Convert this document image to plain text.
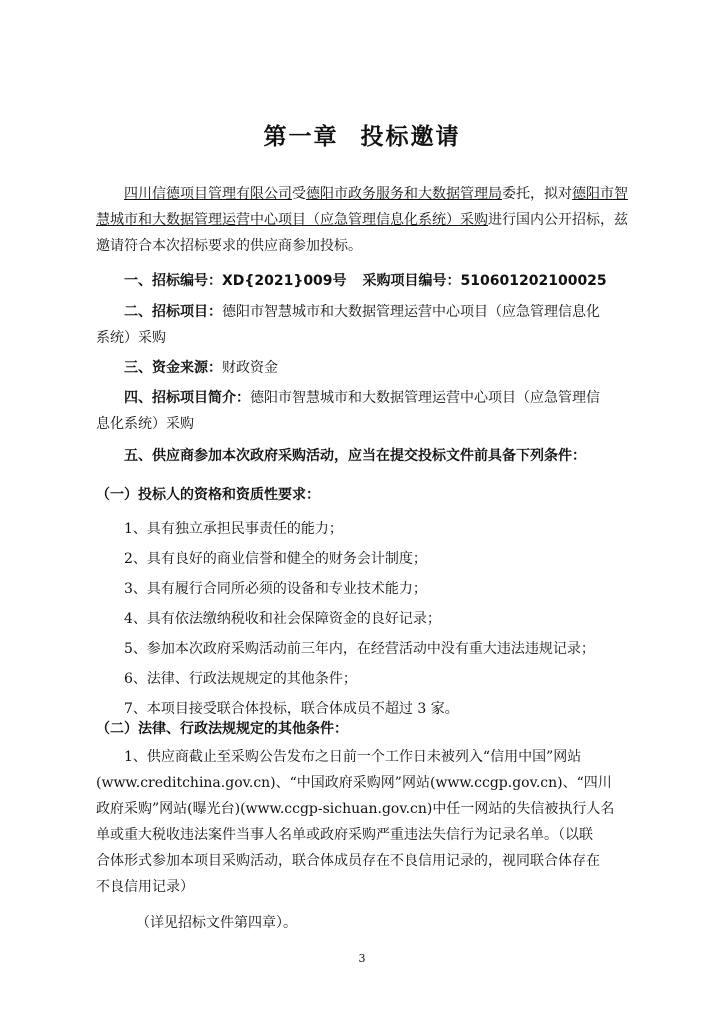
第一章 投标邀请
四川信德项目管理有限公司受德阳市政务服务和大数据管理局委托，拟对德阳市智慧城市和大数据管理运营中心项目（应急管理信息化系统）采购进行国内公开招标，兹邀请符合本次招标要求的供应商参加投标。
一、招标编号：XD{2021}009号 采购项目编号：510601202100025
二、招标项目：德阳市智慧城市和大数据管理运营中心项目（应急管理信息化
系统）采购
三、资金来源：财政资金
四、招标项目简介：德阳市智慧城市和大数据管理运营中心项目（应急管理信
息化系统）采购
五、供应商参加本次政府采购活动，应当在提交投标文件前具备下列条件：
（一）投标人的资格和资质性要求：
1、具有独立承担民事责任的能力；
2、具有良好的商业信誉和健全的财务会计制度；
3、具有履行合同所必须的设备和专业技术能力；
4、具有依法缴纳税收和社会保障资金的良好记录；
5、参加本次政府采购活动前三年内，在经营活动中没有重大违法违规记录；
6、法律、行政法规规定的其他条件；
7、本项目接受联合体投标，联合体成员不超过 3 家。
（二）法律、行政法规规定的其他条件：
1、供应商截止至采购公告发布之日前一个工作日未被列入“信用中国”网站
(www.creditchina.gov.cn)、“中国政府采购网”网站(www.ccgp.gov.cn)、“四川
政府采购”网站(曝光台)(www.ccgp-sichuan.gov.cn)中任一网站的失信被执行人名
单或重大税收违法案件当事人名单或政府采购严重违法失信行为记录名单。（以联
合体形式参加本项目采购活动，联合体成员存在不良信用记录的，视同联合体存在
不良信用记录）
（详见招标文件第四章）。
3
